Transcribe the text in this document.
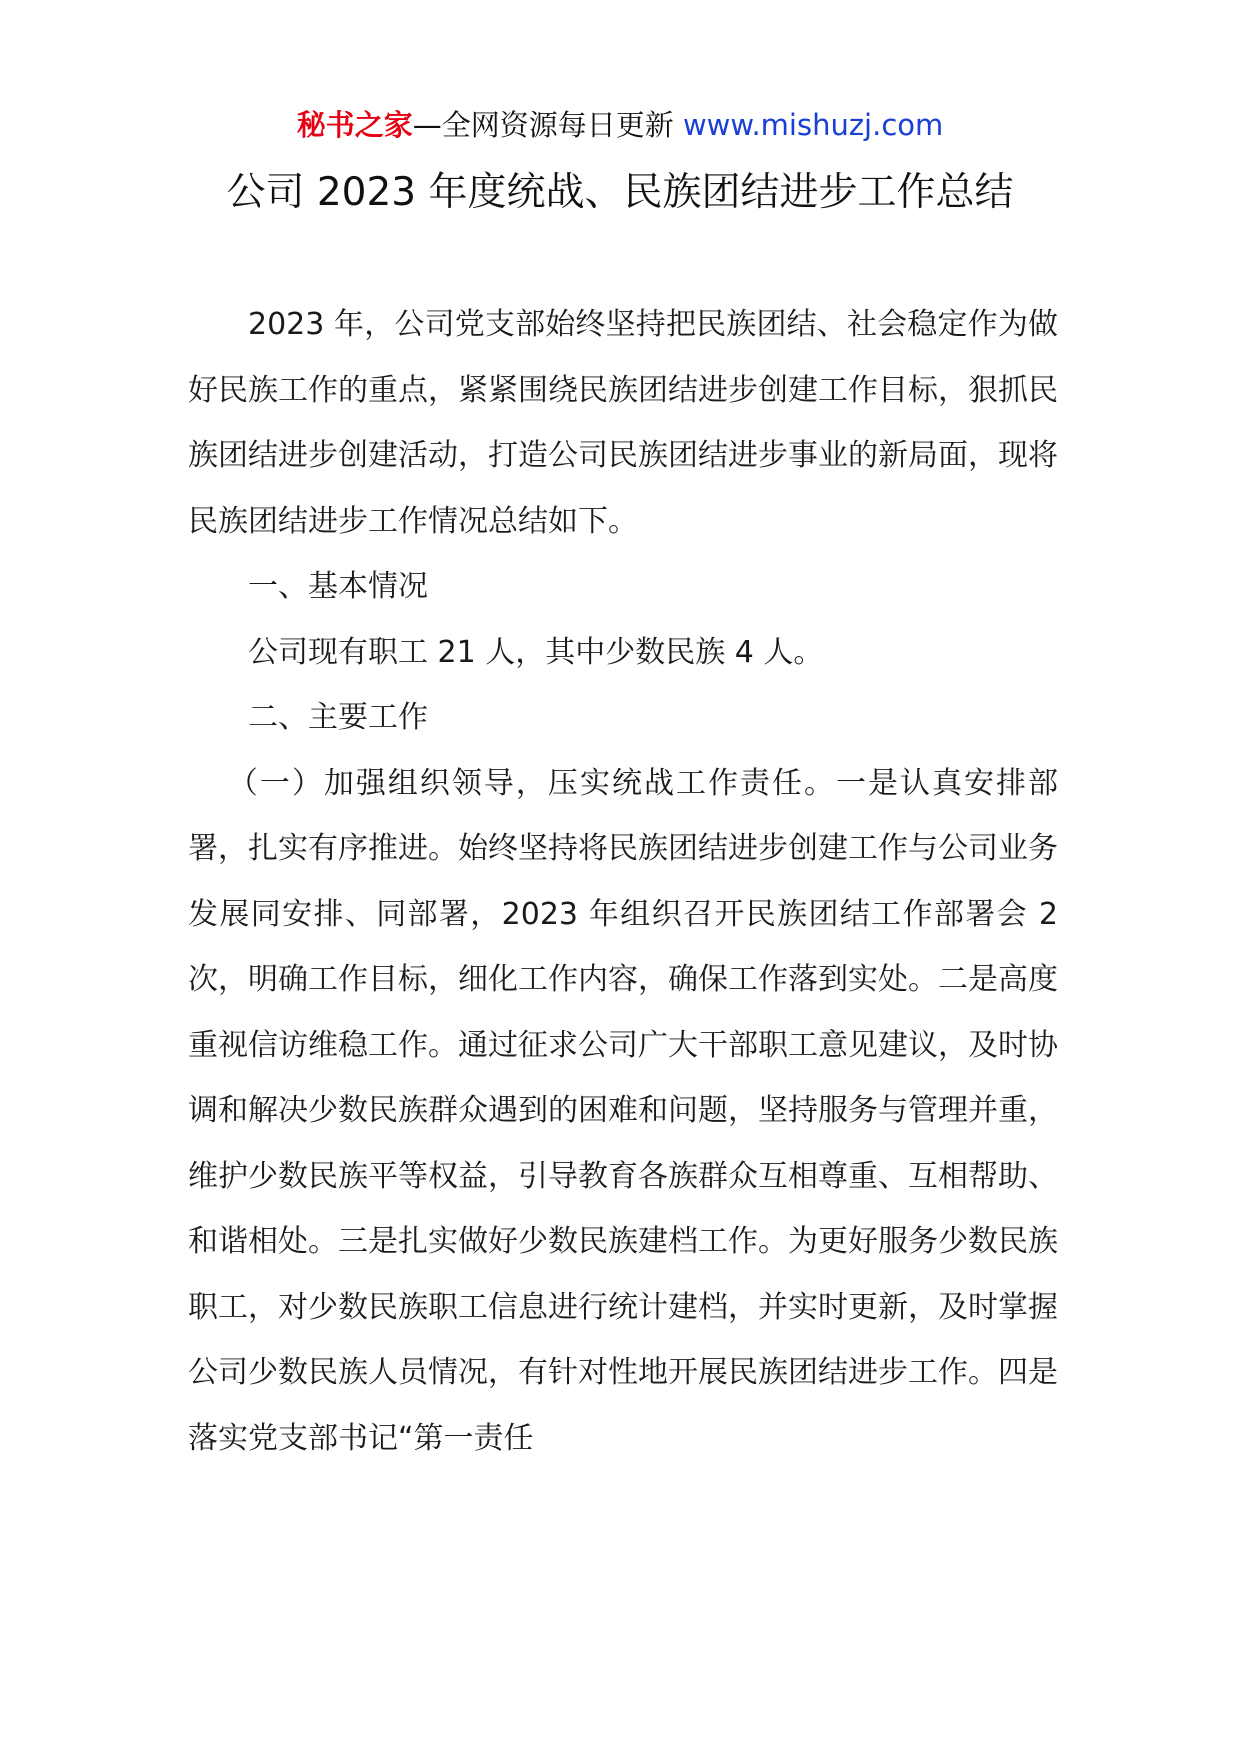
秘书之家—全网资源每日更新 www.mishuzj.com
公司 2023 年度统战、民族团结进步工作总结

2023 年，公司党支部始终坚持把民族团结、社会稳定作为做好民族工作的重点，紧紧围绕民族团结进步创建工作目标，狠抓民族团结进步创建活动，打造公司民族团结进步事业的新局面，现将民族团结进步工作情况总结如下。

一、基本情况

公司现有职工 21 人，其中少数民族 4 人。

二、主要工作

（一）加强组织领导，压实统战工作责任。一是认真安排部署，扎实有序推进。始终坚持将民族团结进步创建工作与公司业务发展同安排、同部署，2023 年组织召开民族团结工作部署会 2 次，明确工作目标，细化工作内容，确保工作落到实处。二是高度重视信访维稳工作。通过征求公司广大干部职工意见建议，及时协调和解决少数民族群众遇到的困难和问题，坚持服务与管理并重，维护少数民族平等权益，引导教育各族群众互相尊重、互相帮助、和谐相处。三是扎实做好少数民族建档工作。为更好服务少数民族职工，对少数民族职工信息进行统计建档，并实时更新，及时掌握公司少数民族人员情况，有针对性地开展民族团结进步工作。四是落实党支部书记“第一责任
